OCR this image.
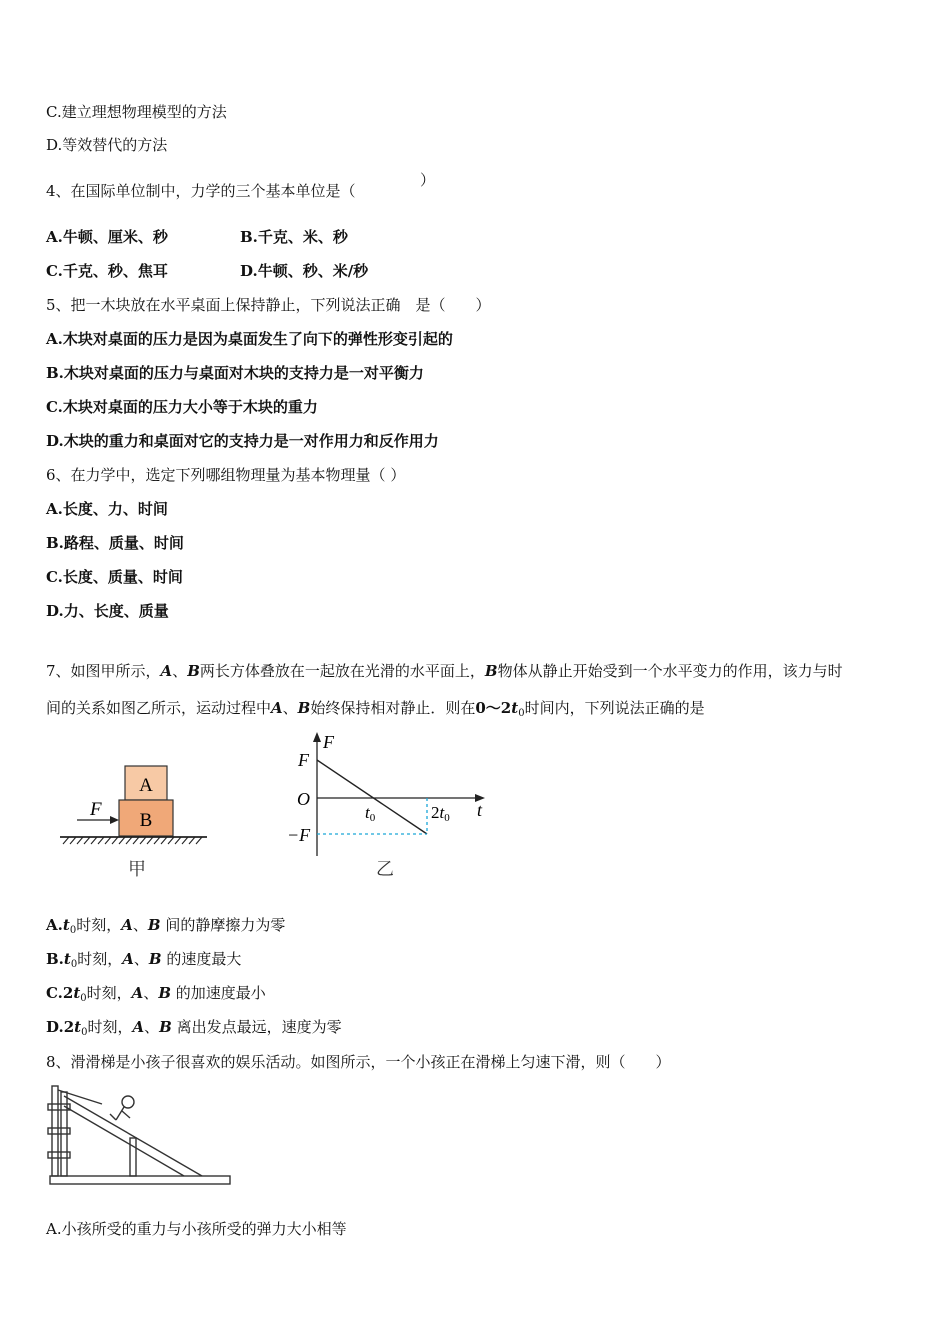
C.建立理想物理模型的方法
D.等效替代的方法
4、在国际单位制中，力学的三个基本单位是（
）
A.牛顿、厘米、秒	B.千克、米、秒
C.千克、秒、焦耳	D.牛顿、秒、米/秒
5、把一木块放在水平桌面上保持静止，下列说法正确　是（　　）
A.木块对桌面的压力是因为桌面发生了向下的弹性形变引起的
B.木块对桌面的压力与桌面对木块的支持力是一对平衡力
C.木块对桌面的压力大小等于木块的重力
D.木块的重力和桌面对它的支持力是一对作用力和反作用力
6、在力学中，选定下列哪组物理量为基本物理量（ ）
A.长度、力、时间
B.路程、质量、时间
C.长度、质量、时间
D.力、长度、质量
7、如图甲所示，A、B两长方体叠放在一起放在光滑的水平面上，B物体从静止开始受到一个水平变力的作用，该力与时
间的关系如图乙所示，运动过程中A、B始终保持相对静止．则在$0\sim 2t_0$时间内，下列说法正确的是
A
B
F
甲
F
t
F
O
−F
t0	2t0
乙
$A.t_0$时刻，A、B 间的静摩擦力为零
$B.t_0$时刻，A、B 的速度最大
$C.2t_0$时刻，A、B 的加速度最小
$D.2t_0$时刻，A、B 离出发点最远，速度为零
8、滑滑梯是小孩子很喜欢的娱乐活动。如图所示，一个小孩正在滑梯上匀速下滑，则（　　）
A.小孩所受的重力与小孩所受的弹力大小相等
